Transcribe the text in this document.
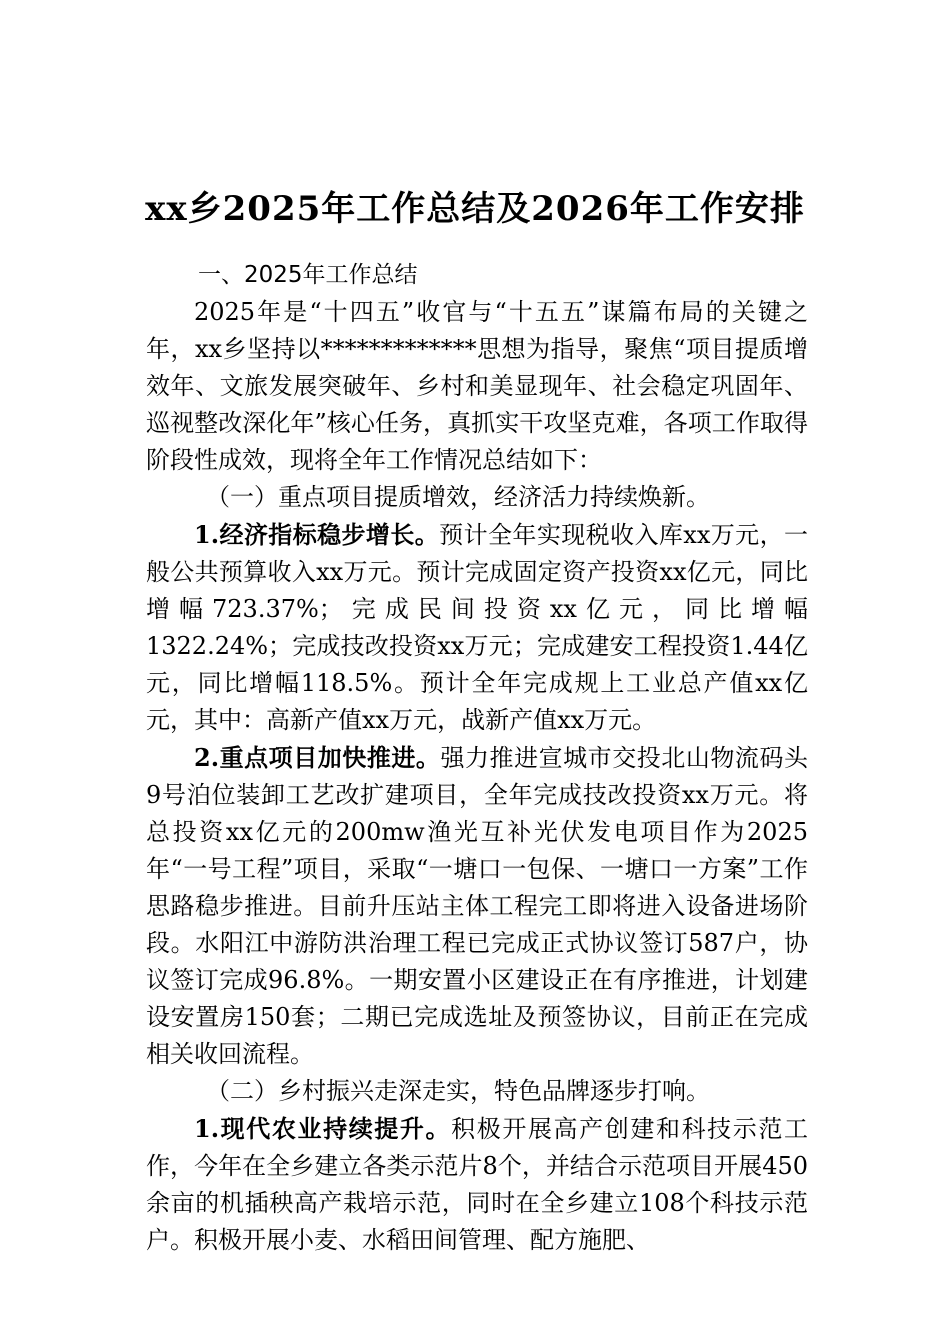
xx乡2025年工作总结及2026年工作安排

一、2025年工作总结

2025年是“十四五”收官与“十五五”谋篇布局的关键之年，xx乡坚持以*************思想为指导，聚焦“项目提质增效年、文旅发展突破年、乡村和美显现年、社会稳定巩固年、巡视整改深化年”核心任务，真抓实干攻坚克难，各项工作取得阶段性成效，现将全年工作情况总结如下：

（一）重点项目提质增效，经济活力持续焕新。

1.经济指标稳步增长。预计全年实现税收入库xx万元，一般公共预算收入xx万元。预计完成固定资产投资xx亿元，同比增幅723.37%；完成民间投资xx亿元，同比增幅1322.24%；完成技改投资xx万元；完成建安工程投资1.44亿元，同比增幅118.5%。预计全年完成规上工业总产值xx亿元，其中：高新产值xx万元，战新产值xx万元。

2.重点项目加快推进。强力推进宣城市交投北山物流码头9号泊位装卸工艺改扩建项目，全年完成技改投资xx万元。将总投资xx亿元的200mw渔光互补光伏发电项目作为2025年“一号工程”项目，采取“一塘口一包保、一塘口一方案”工作思路稳步推进。目前升压站主体工程完工即将进入设备进场阶段。水阳江中游防洪治理工程已完成正式协议签订587户，协议签订完成96.8%。一期安置小区建设正在有序推进，计划建设安置房150套；二期已完成选址及预签协议，目前正在完成相关收回流程。

（二）乡村振兴走深走实，特色品牌逐步打响。

1.现代农业持续提升。积极开展高产创建和科技示范工作，今年在全乡建立各类示范片8个，并结合示范项目开展450余亩的机插秧高产栽培示范，同时在全乡建立108个科技示范户。积极开展小麦、水稻田间管理、配方施肥、
